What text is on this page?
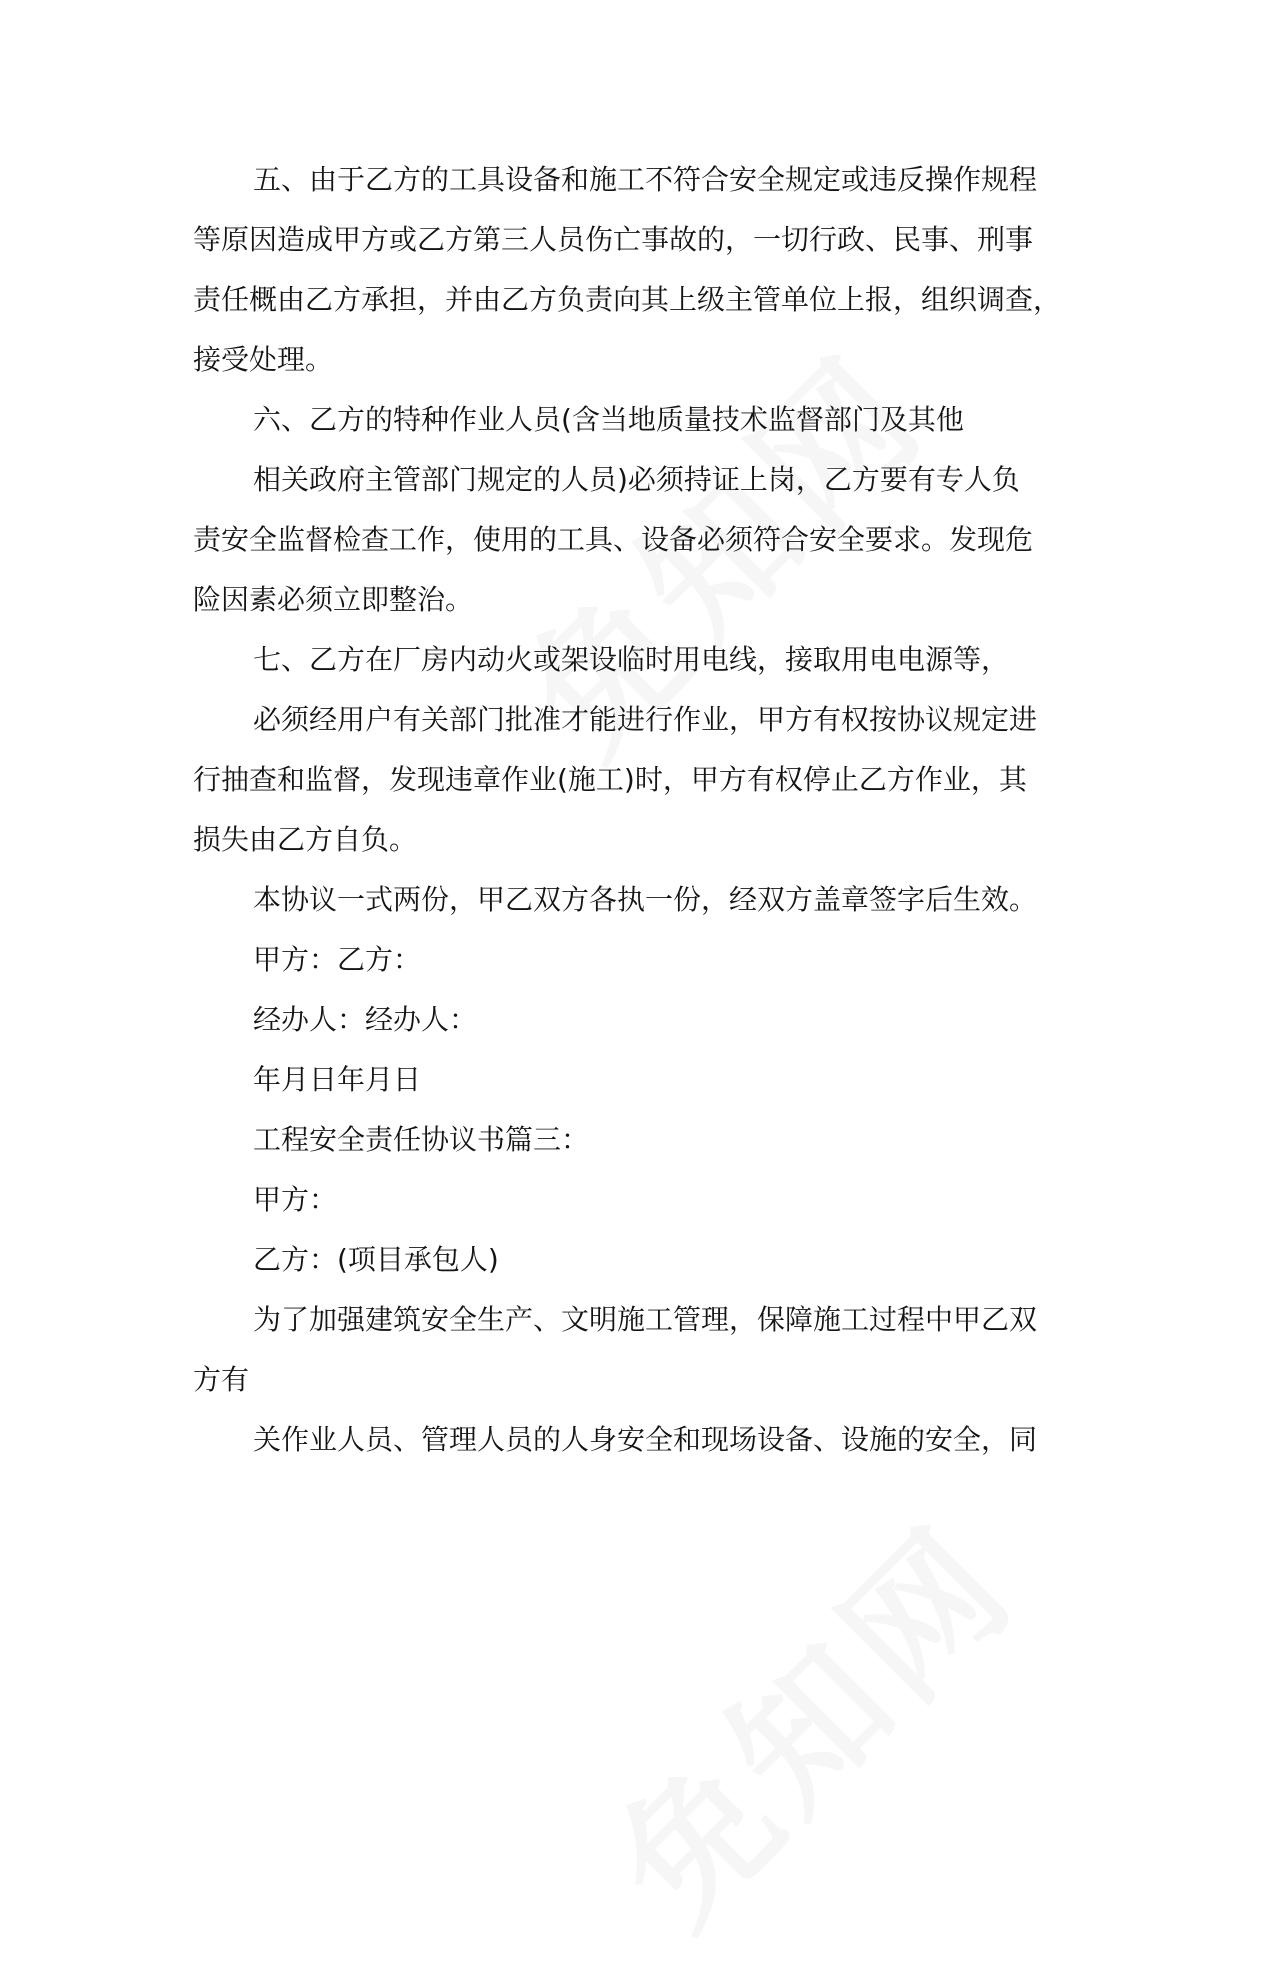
五、由于乙方的工具设备和施工不符合安全规定或违反操作规程
等原因造成甲方或乙方第三人员伤亡事故的，一切行政、民事、刑事
责任概由乙方承担，并由乙方负责向其上级主管单位上报，组织调查，
接受处理。
六、乙方的特种作业人员(含当地质量技术监督部门及其他
相关政府主管部门规定的人员)必须持证上岗，乙方要有专人负
责安全监督检查工作，使用的工具、设备必须符合安全要求。发现危
险因素必须立即整治。
七、乙方在厂房内动火或架设临时用电线，接取用电电源等，
必须经用户有关部门批准才能进行作业，甲方有权按协议规定进
行抽查和监督，发现违章作业(施工)时，甲方有权停止乙方作业，其
损失由乙方自负。
本协议一式两份，甲乙双方各执一份，经双方盖章签字后生效。
甲方：乙方：
经办人：经办人：
年月日年月日
工程安全责任协议书篇三：
甲方：
乙方：(项目承包人)
为了加强建筑安全生产、文明施工管理，保障施工过程中甲乙双
方有
关作业人员、管理人员的人身安全和现场设备、设施的安全，同
